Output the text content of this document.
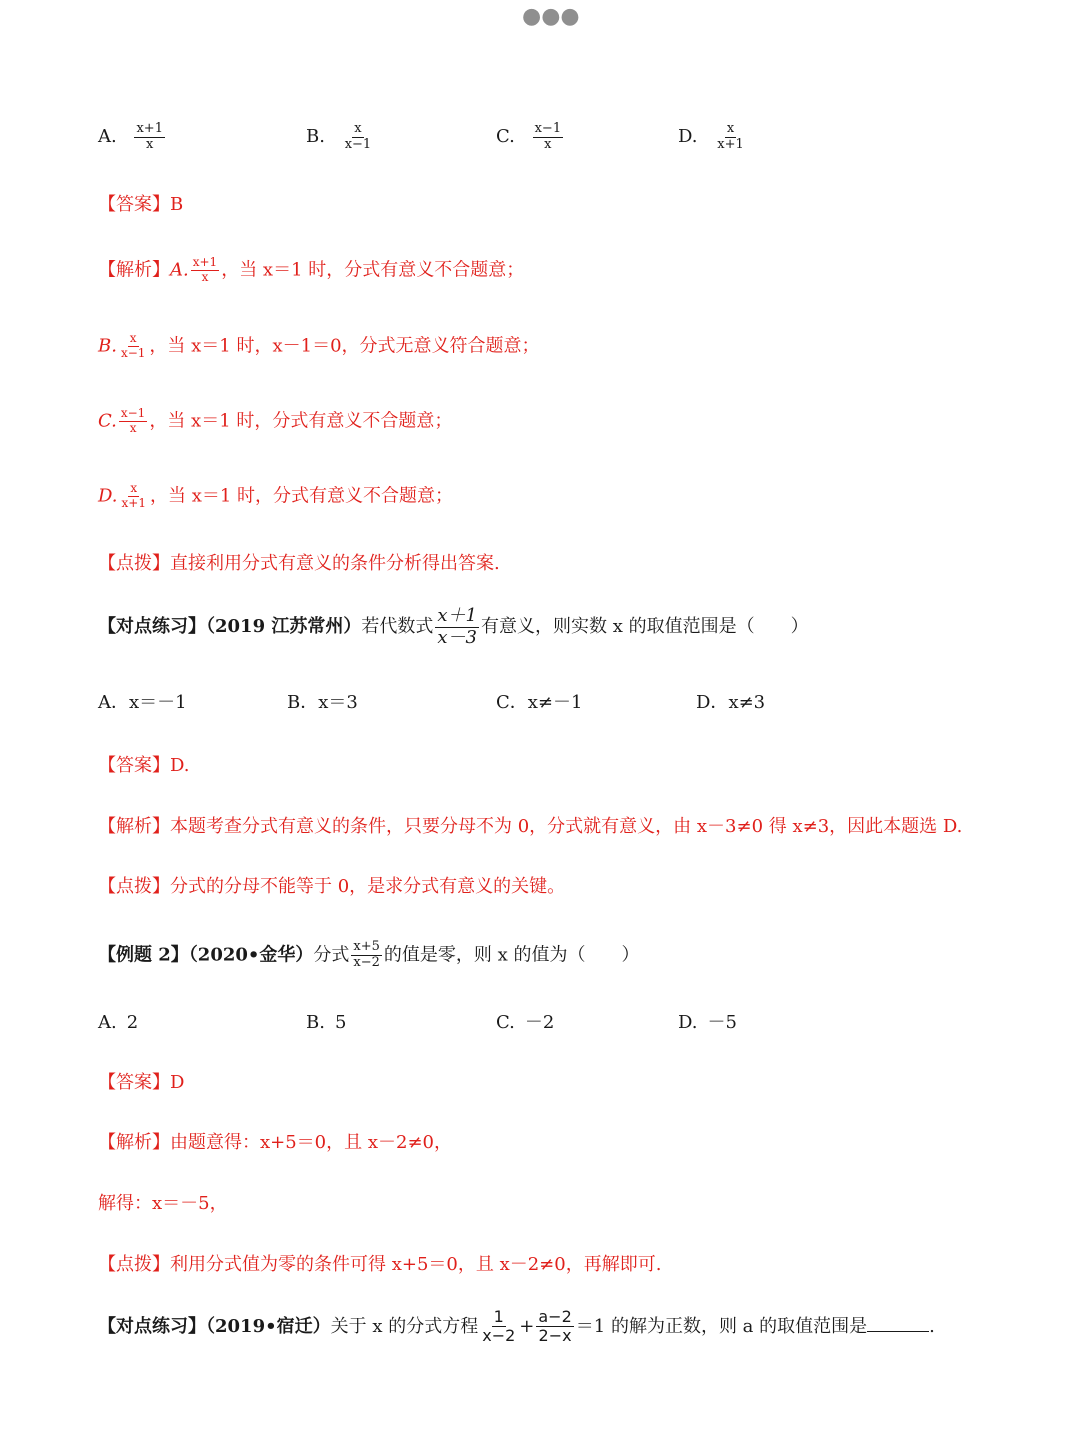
●●●
A. $\frac{x+1}{x}$	B. $\frac{x}{x-1}$	C. $\frac{x-1}{x}$	D. $\frac{x}{x+1}$
【答案】B
【解析】A. $\frac{x+1}{x}$ ，当 x＝1 时，分式有意义不合题意；
B. $\frac{x}{x-1}$ ，当 x＝1 时，x－1＝0，分式无意义符合题意；
C. $\frac{x-1}{x}$ ，当 x＝1 时，分式有意义不合题意；
D. $\frac{x}{x+1}$ ，当 x＝1 时，分式有意义不合题意；
【点拨】直接利用分式有意义的条件分析得出答案.
【对点练习】（2019 江苏常州）若代数式 $\frac{x+1}{x-3}$ 有意义，则实数 x 的取值范围是（　　）
A．x＝－1	B．x＝3	C．x≠－1	D．x≠3
【答案】D.
【解析】本题考查分式有意义的条件，只要分母不为 0，分式就有意义，由 x－3≠0 得 x≠3，因此本题选 D.
【点拨】分式的分母不能等于 0，是求分式有意义的关键。
【例题 2】（2020•金华）分式 $\frac{x+5}{x-2}$ 的值是零，则 x 的值为（　　）
A. 2	B. 5	C. －2	D. －5
【答案】D
【解析】由题意得：x+5＝0，且 x－2≠0，
解得：x＝－5，
【点拨】利用分式值为零的条件可得 x+5＝0，且 x－2≠0，再解即可.
【对点练习】（2019•宿迁）关于 x 的分式方程 $\frac{1}{x-2} + \frac{a-2}{2-x} =1$ 的解为正数，则 a 的取值范围是	.
